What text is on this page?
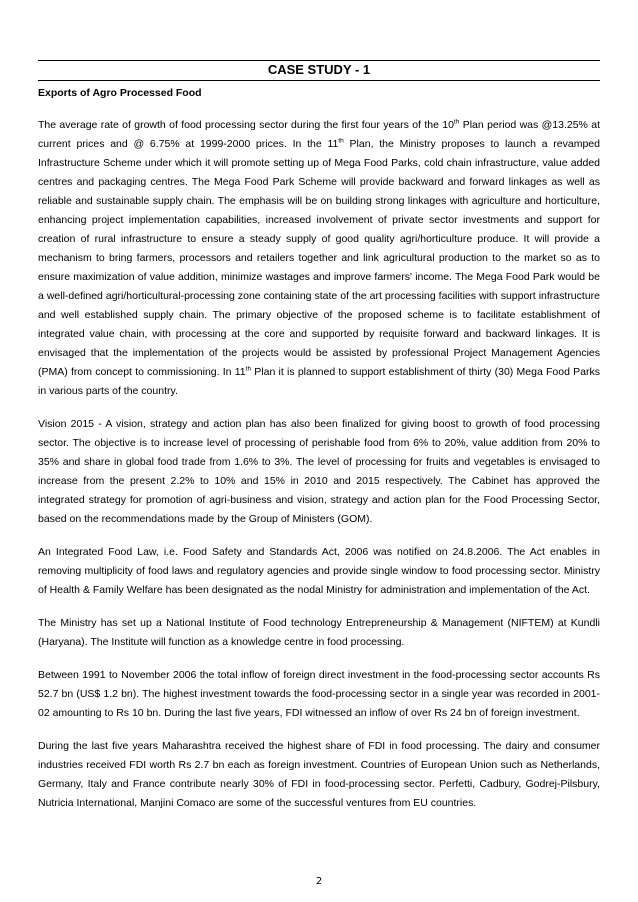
CASE STUDY - 1
Exports of Agro Processed Food

The average rate of growth of food processing sector during the first four years of the 10th Plan period was @13.25% at current prices and @ 6.75% at 1999-2000 prices. In the 11th Plan, the Ministry proposes to launch a revamped Infrastructure Scheme under which it will promote setting up of Mega Food Parks, cold chain infrastructure, value added centres and packaging centres. The Mega Food Park Scheme will provide backward and forward linkages as well as reliable and sustainable supply chain. The emphasis will be on building strong linkages with agriculture and horticulture, enhancing project implementation capabilities, increased involvement of private sector investments and support for creation of rural infrastructure to ensure a steady supply of good quality agri/horticulture produce. It will provide a mechanism to bring farmers, processors and retailers together and link agricultural production to the market so as to ensure maximization of value addition, minimize wastages and improve farmers' income. The Mega Food Park would be a well-defined agri/horticultural-processing zone containing state of the art processing facilities with support infrastructure and well established supply chain. The primary objective of the proposed scheme is to facilitate establishment of integrated value chain, with processing at the core and supported by requisite forward and backward linkages. It is envisaged that the implementation of the projects would be assisted by professional Project Management Agencies (PMA) from concept to commissioning. In 11th Plan it is planned to support establishment of thirty (30) Mega Food Parks in various parts of the country.

Vision 2015 - A vision, strategy and action plan has also been finalized for giving boost to growth of food processing sector. The objective is to increase level of processing of perishable food from 6% to 20%, value addition from 20% to 35% and share in global food trade from 1.6% to 3%. The level of processing for fruits and vegetables is envisaged to increase from the present 2.2% to 10% and 15% in 2010 and 2015 respectively. The Cabinet has approved the integrated strategy for promotion of agri-business and vision, strategy and action plan for the Food Processing Sector, based on the recommendations made by the Group of Ministers (GOM).

An Integrated Food Law, i.e. Food Safety and Standards Act, 2006 was notified on 24.8.2006. The Act enables in removing multiplicity of food laws and regulatory agencies and provide single window to food processing sector. Ministry of Health & Family Welfare has been designated as the nodal Ministry for administration and implementation of the Act.

The Ministry has set up a National Institute of Food technology Entrepreneurship & Management (NIFTEM) at Kundli (Haryana). The Institute will function as a knowledge centre in food processing.

Between 1991 to November 2006 the total inflow of foreign direct investment in the food-processing sector accounts Rs 52.7 bn (US$ 1.2 bn). The highest investment towards the food-processing sector in a single year was recorded in 2001-02 amounting to Rs 10 bn. During the last five years, FDI witnessed an inflow of over Rs 24 bn of foreign investment.

During the last five years Maharashtra received the highest share of FDI in food processing. The dairy and consumer industries received FDI worth Rs 2.7 bn each as foreign investment. Countries of European Union such as Netherlands, Germany, Italy and France contribute nearly 30% of FDI in food-processing sector. Perfetti, Cadbury, Godrej-Pilsbury, Nutricia International, Manjini Comaco are some of the successful ventures from EU countries.

2
